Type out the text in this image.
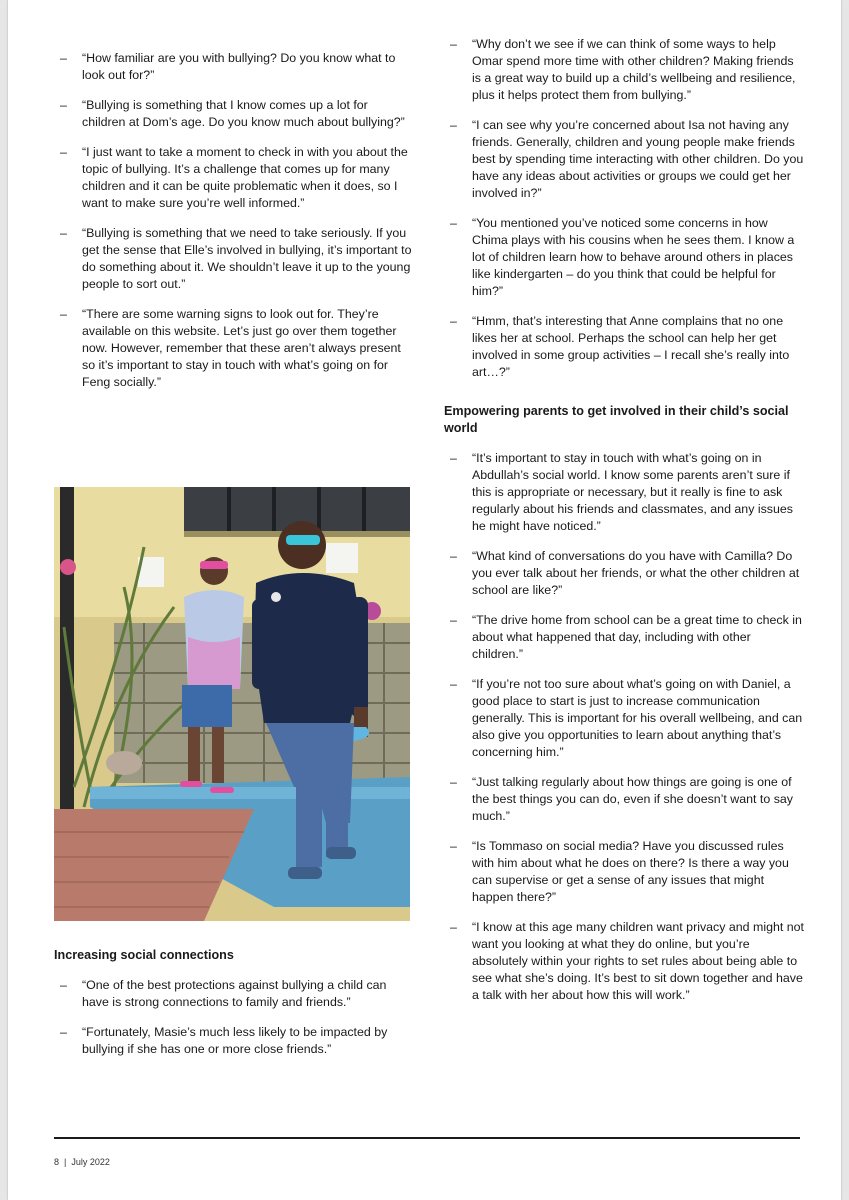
– “How familiar are you with bullying? Do you know what to look out for?”
– “Bullying is something that I know comes up a lot for children at Dom’s age. Do you know much about bullying?”
– “I just want to take a moment to check in with you about the topic of bullying. It’s a challenge that comes up for many children and it can be quite problematic when it does, so I want to make sure you’re well informed.”
– “Bullying is something that we need to take seriously. If you get the sense that Elle’s involved in bullying, it’s important to do something about it. We shouldn’t leave it up to the young people to sort out.”
– “There are some warning signs to look out for. They’re available on this website. Let’s just go over them together now. However, remember that these aren’t always present so it’s important to stay in touch with what’s going on for Feng socially.”
Increasing social connections
– “One of the best protections against bullying a child can have is strong connections to family and friends.”
– “Fortunately, Masie’s much less likely to be impacted by bullying if she has one or more close friends.”
– “Why don’t we see if we can think of some ways to help Omar spend more time with other children? Making friends is a great way to build up a child’s wellbeing and resilience, plus it helps protect them from bullying.”
– “I can see why you’re concerned about Isa not having any friends. Generally, children and young people make friends best by spending time interacting with other children. Do you have any ideas about activities or groups we could get her involved in?”
– “You mentioned you’ve noticed some concerns in how Chima plays with his cousins when he sees them. I know a lot of children learn how to behave around others in places like kindergarten – do you think that could be helpful for him?”
– “Hmm, that’s interesting that Anne complains that no one likes her at school. Perhaps the school can help her get involved in some group activities – I recall she’s really into art…?”
Empowering parents to get involved in their child’s social world
– “It’s important to stay in touch with what’s going on in Abdullah’s social world. I know some parents aren’t sure if this is appropriate or necessary, but it really is fine to ask regularly about his friends and classmates, and any issues he might have noticed.”
– “What kind of conversations do you have with Camilla? Do you ever talk about her friends, or what the other children at school are like?”
– “The drive home from school can be a great time to check in about what happened that day, including with other children.”
– “If you’re not too sure about what’s going on with Daniel, a good place to start is just to increase communication generally. This is important for his overall wellbeing, and can also give you opportunities to learn about anything that’s concerning him.”
– “Just talking regularly about how things are going is one of the best things you can do, even if she doesn’t want to say much.”
– “Is Tommaso on social media? Have you discussed rules with him about what he does on there? Is there a way you can supervise or get a sense of any issues that might happen there?”
– “I know at this age many children want privacy and might not want you looking at what they do online, but you’re absolutely within your rights to set rules about being able to see what she’s doing. It’s best to sit down together and have a talk with her about how this will work.”
8 | July 2022
